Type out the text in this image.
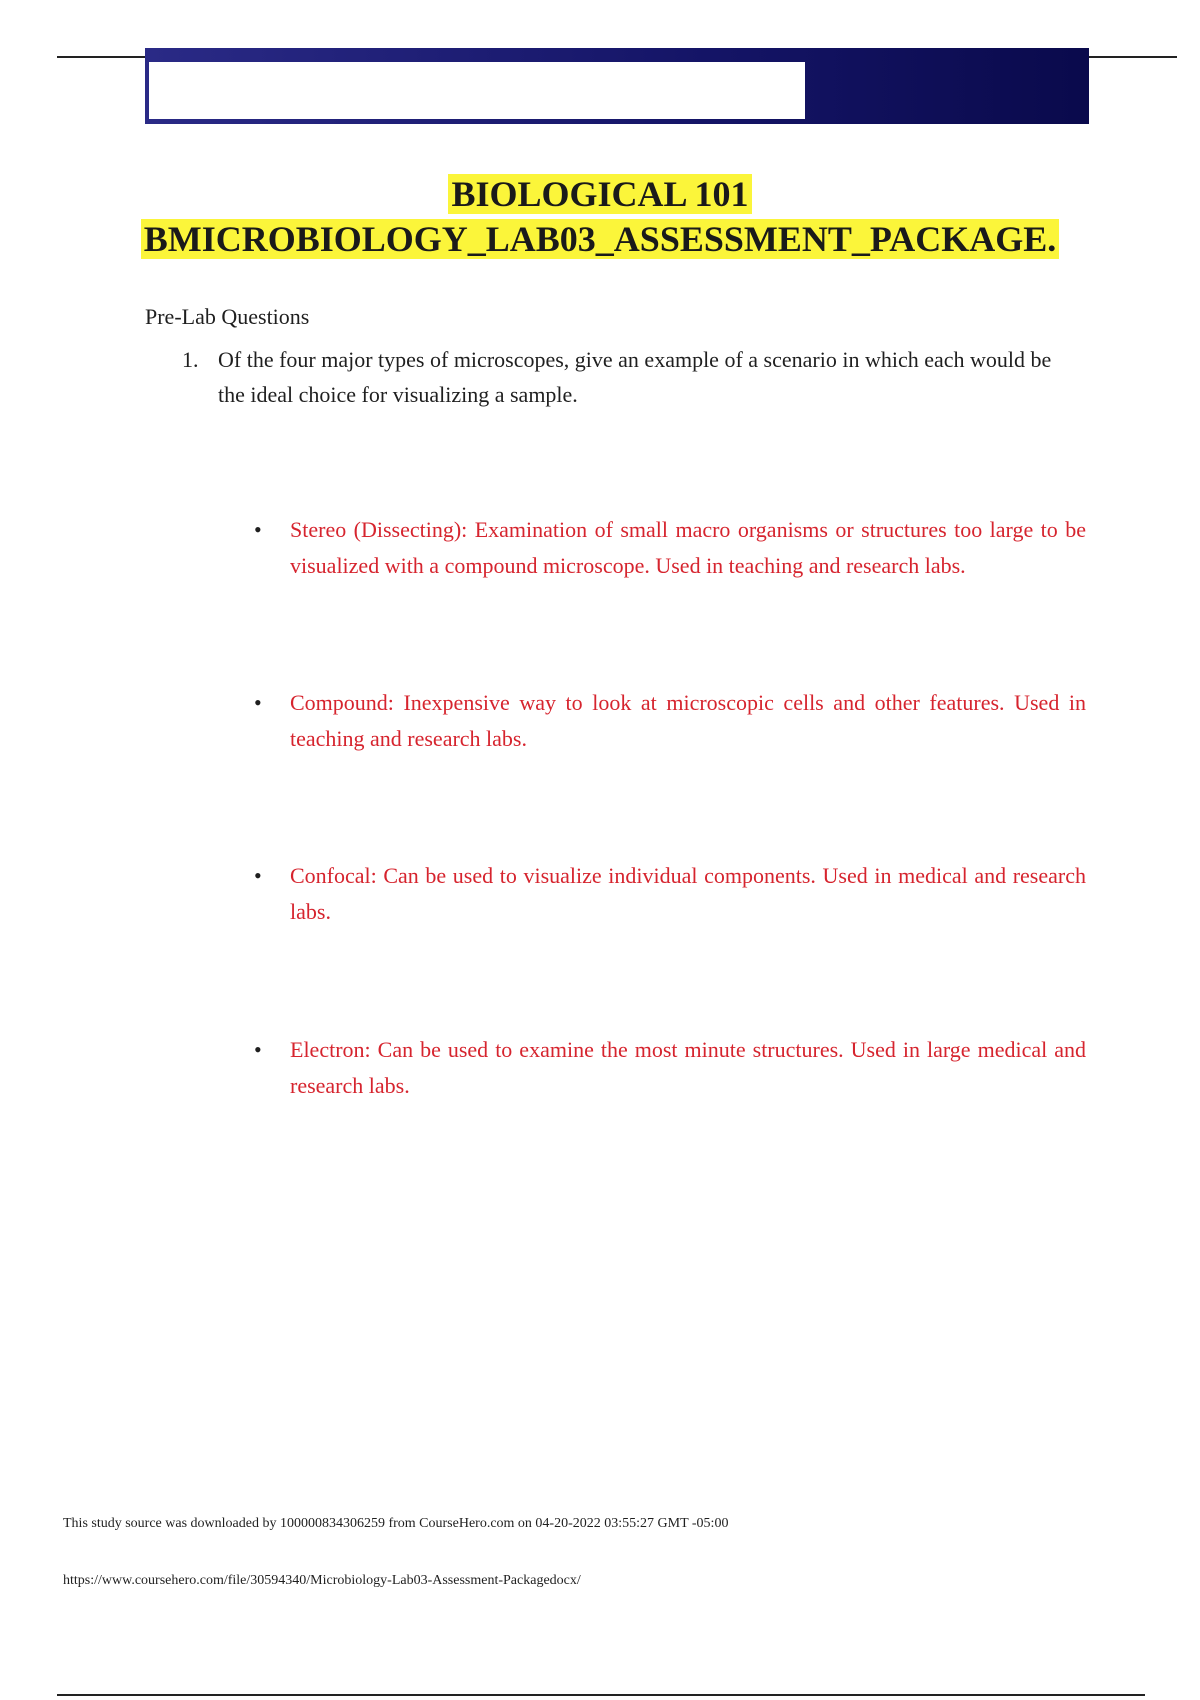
BIOLOGICAL 101
BMICROBIOLOGY_LAB03_ASSESSMENT_PACKAGE.
Pre-Lab Questions
1. Of the four major types of microscopes, give an example of a scenario in which each would be the ideal choice for visualizing a sample.
• Stereo (Dissecting): Examination of small macro organisms or structures too large to be visualized with a compound microscope. Used in teaching and research labs.
• Compound: Inexpensive way to look at microscopic cells and other features. Used in teaching and research labs.
• Confocal: Can be used to visualize individual components. Used in medical and research labs.
• Electron: Can be used to examine the most minute structures. Used in large medical and research labs.
This study source was downloaded by 100000834306259 from CourseHero.com on 04-20-2022 03:55:27 GMT -05:00
https://www.coursehero.com/file/30594340/Microbiology-Lab03-Assessment-Packagedocx/
